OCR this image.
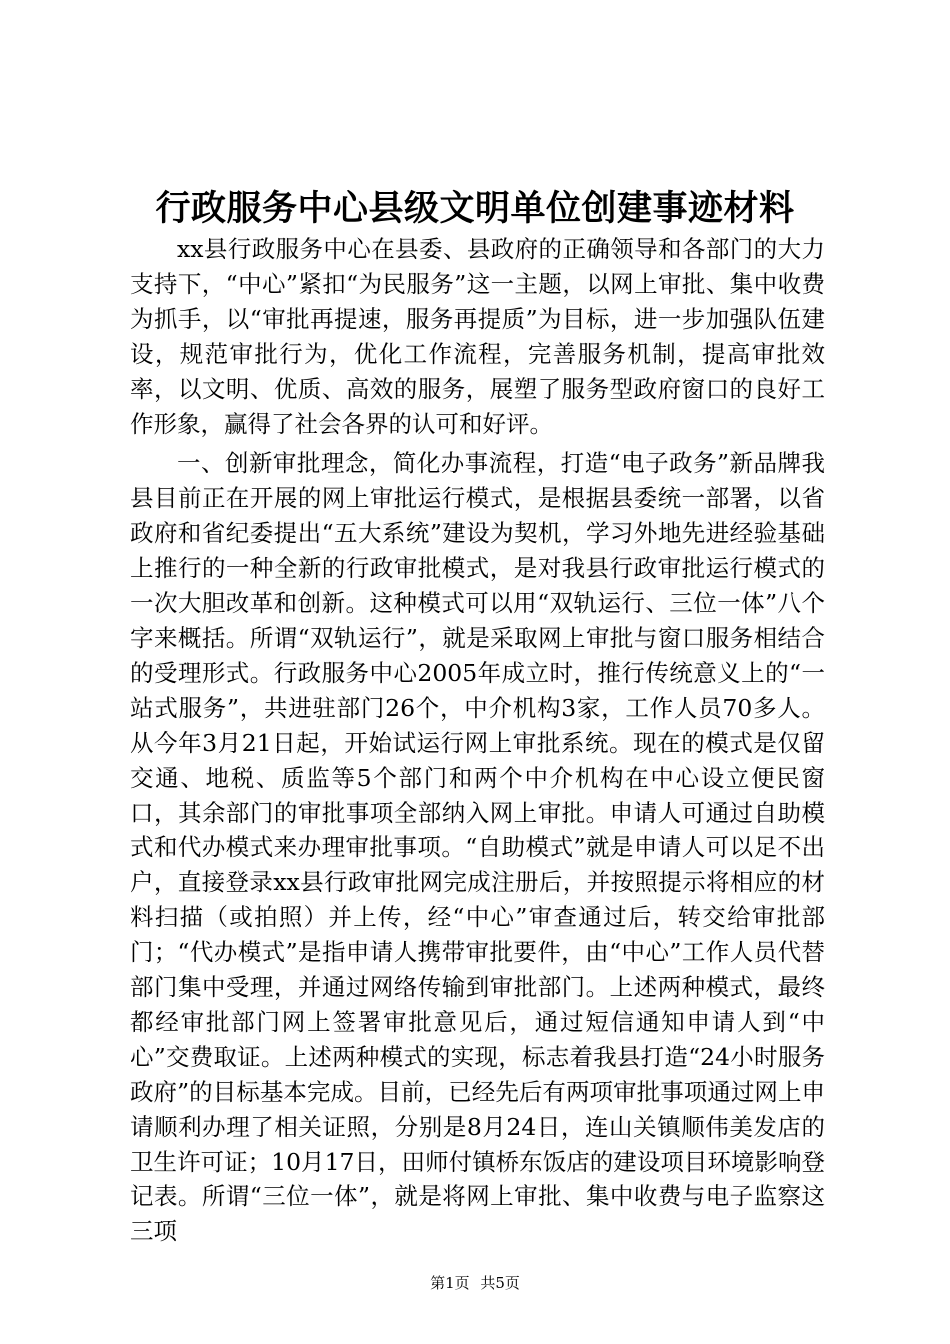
行政服务中心县级文明单位创建事迹材料

xx县行政服务中心在县委、县政府的正确领导和各部门的大力支持下，“中心”紧扣“为民服务”这一主题，以网上审批、集中收费为抓手，以“审批再提速，服务再提质”为目标，进一步加强队伍建设，规范审批行为，优化工作流程，完善服务机制，提高审批效率，以文明、优质、高效的服务，展塑了服务型政府窗口的良好工作形象，赢得了社会各界的认可和好评。

一、创新审批理念，简化办事流程，打造“电子政务”新品牌我县目前正在开展的网上审批运行模式，是根据县委统一部署，以省政府和省纪委提出“五大系统”建设为契机，学习外地先进经验基础上推行的一种全新的行政审批模式，是对我县行政审批运行模式的一次大胆改革和创新。这种模式可以用“双轨运行、三位一体”八个字来概括。所谓“双轨运行”，就是采取网上审批与窗口服务相结合的受理形式。行政服务中心2005年成立时，推行传统意义上的“一站式服务”，共进驻部门26个，中介机构3家，工作人员70多人。从今年3月21日起，开始试运行网上审批系统。现在的模式是仅留交通、地税、质监等5个部门和两个中介机构在中心设立便民窗口，其余部门的审批事项全部纳入网上审批。申请人可通过自助模式和代办模式来办理审批事项。“自助模式”就是申请人可以足不出户，直接登录xx县行政审批网完成注册后，并按照提示将相应的材料扫描（或拍照）并上传，经“中心”审查通过后，转交给审批部门；“代办模式”是指申请人携带审批要件，由“中心”工作人员代替部门集中受理，并通过网络传输到审批部门。上述两种模式，最终都经审批部门网上签署审批意见后，通过短信通知申请人到“中心”交费取证。上述两种模式的实现，标志着我县打造“24小时服务政府”的目标基本完成。目前，已经先后有两项审批事项通过网上申请顺利办理了相关证照，分别是8月24日，连山关镇顺伟美发店的卫生许可证；10月17日，田师付镇桥东饭店的建设项目环境影响登记表。所谓“三位一体”，就是将网上审批、集中收费与电子监察这三项

第1页 共5页
